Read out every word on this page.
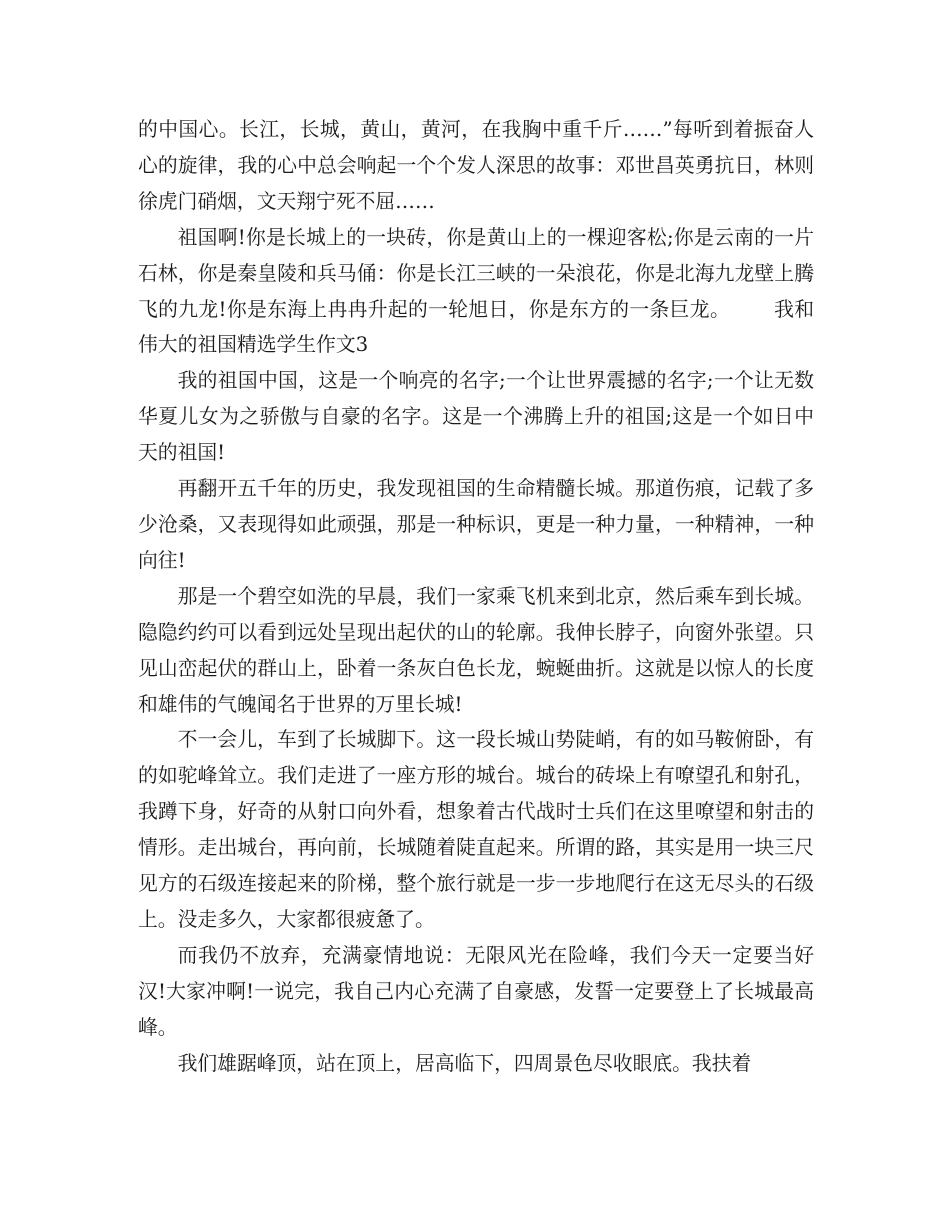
的中国心。长江，长城，黄山，黄河，在我胸中重千斤……”每听到着振奋人心的旋律，我的心中总会响起一个个发人深思的故事：邓世昌英勇抗日，林则徐虎门硝烟，文天翔宁死不屈……

祖国啊!你是长城上的一块砖，你是黄山上的一棵迎客松;你是云南的一片石林，你是秦皇陵和兵马俑：你是长江三峡的一朵浪花，你是北海九龙壁上腾飞的九龙!你是东海上冉冉升起的一轮旭日，你是东方的一条巨龙。 我和伟大的祖国精选学生作文3

我的祖国中国，这是一个响亮的名字;一个让世界震撼的名字;一个让无数华夏儿女为之骄傲与自豪的名字。这是一个沸腾上升的祖国;这是一个如日中天的祖国!

再翻开五千年的历史，我发现祖国的生命精髓长城。那道伤痕，记载了多少沧桑，又表现得如此顽强，那是一种标识，更是一种力量，一种精神，一种向往!

那是一个碧空如洗的早晨，我们一家乘飞机来到北京，然后乘车到长城。隐隐约约可以看到远处呈现出起伏的山的轮廓。我伸长脖子，向窗外张望。只见山峦起伏的群山上，卧着一条灰白色长龙，蜿蜒曲折。这就是以惊人的长度和雄伟的气魄闻名于世界的万里长城!

不一会儿，车到了长城脚下。这一段长城山势陡峭，有的如马鞍俯卧，有的如驼峰耸立。我们走进了一座方形的城台。城台的砖垛上有嘹望孔和射孔，我蹲下身，好奇的从射口向外看，想象着古代战时士兵们在这里嘹望和射击的情形。走出城台，再向前，长城随着陡直起来。所谓的路，其实是用一块三尺见方的石级连接起来的阶梯，整个旅行就是一步一步地爬行在这无尽头的石级上。没走多久，大家都很疲惫了。

而我仍不放弃，充满豪情地说：无限风光在险峰，我们今天一定要当好汉!大家冲啊!一说完，我自己内心充满了自豪感，发誓一定要登上了长城最高峰。

我们雄踞峰顶，站在顶上，居高临下，四周景色尽收眼底。我扶着
